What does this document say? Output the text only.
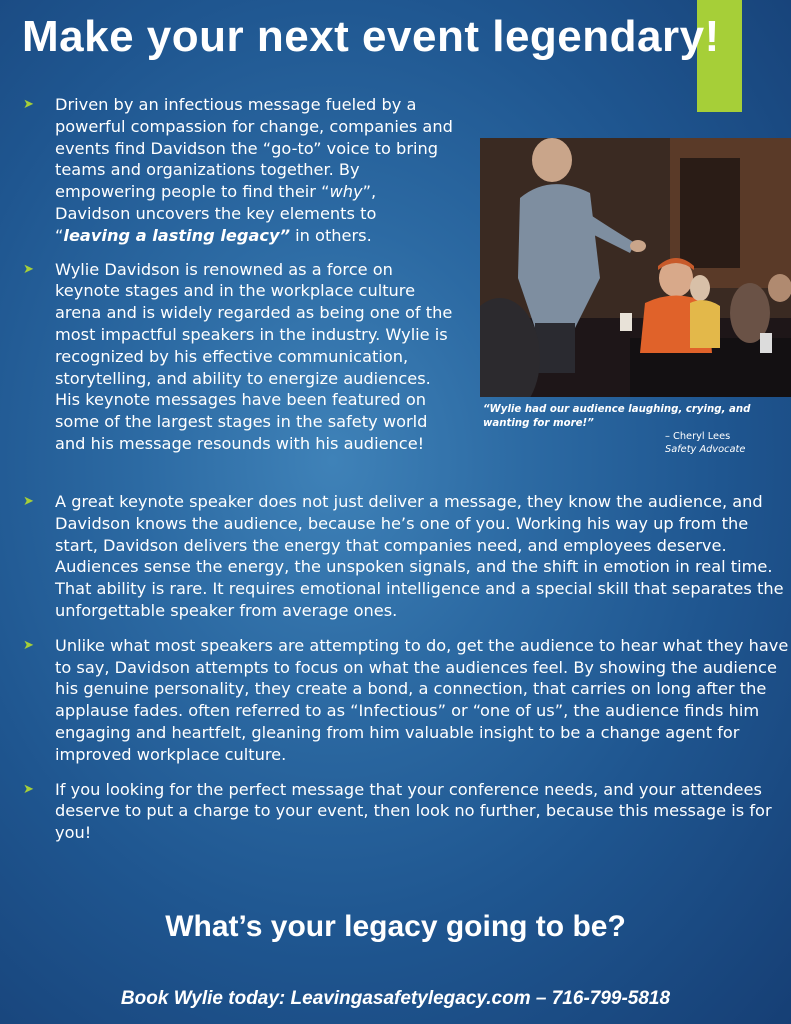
Make your next event legendary!
➤ Driven by an infectious message fueled by a powerful compassion for change, companies and events find Davidson the “go-to” voice to bring teams and organizations together. By empowering people to find their “why”, Davidson uncovers the key elements to “leaving a lasting legacy” in others.
➤ Wylie Davidson is renowned as a force on keynote stages and in the workplace culture arena and is widely regarded as being one of the most impactful speakers in the industry. Wylie is recognized by his effective communication, storytelling, and ability to energize audiences. His keynote messages have been featured on some of the largest stages in the safety world and his message resounds with his audience!
“Wylie had our audience laughing, crying, and wanting for more!”
– Cheryl Lees
Safety Advocate
➤ A great keynote speaker does not just deliver a message, they know the audience, and Davidson knows the audience, because he’s one of you. Working his way up from the start, Davidson delivers the energy that companies need, and employees deserve. Audiences sense the energy, the unspoken signals, and the shift in emotion in real time. That ability is rare. It requires emotional intelligence and a special skill that separates the unforgettable speaker from average ones.
➤ Unlike what most speakers are attempting to do, get the audience to hear what they have to say, Davidson attempts to focus on what the audiences feel. By showing the audience his genuine personality, they create a bond, a connection, that carries on long after the applause fades. often referred to as “Infectious” or “one of us”, the audience finds him engaging and heartfelt, gleaning from him valuable insight to be a change agent for improved workplace culture.
➤ If you looking for the perfect message that your conference needs, and your attendees deserve to put a charge to your event, then look no further, because this message is for you!
What’s your legacy going to be?
Book Wylie today: Leavingasafetylegacy.com – 716-799-5818
